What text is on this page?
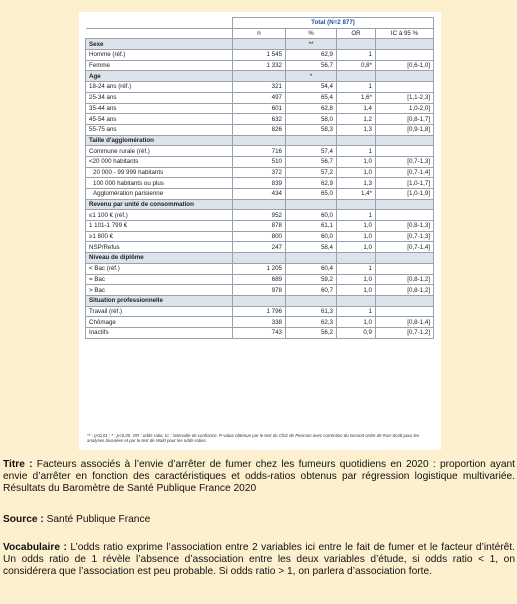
	Total (N=2 877)			
	n	%	OR	IC à 95 %
Sexe		**		
Homme (réf.)	1 545	62,9	1	
Femme	1 332	56,7	0,8*	[0,6-1,0]
Age		*		
18-24 ans (réf.)	321	54,4	1	
25-34 ans	497	65,4	1,6*	[1,1-2,3]
35-44 ans	601	62,8	1,4	1,0-2,0]
45-54 ans	632	58,0	1,2	[0,8-1,7]
55-75 ans	826	58,3	1,3	[0,9-1,8]
Taille d'agglomération				
Commune rurale (réf.)	716	57,4	1	
<20 000 habitants	510	56,7	1,0	[0,7-1,3]
20 000 - 99 999 habitants	372	57,2	1,0	[0,7-1,4]
100 000 habitants ou plus	839	62,9	1,3	[1,0-1,7]
Agglomération parisienne	434	65,0	1,4*	[1,0-1,9]
Revenu par unité de consommation				
≤1 100 € (réf.)	952	60,0	1	
1 101-1 799 €	878	61,1	1,0	[0,8-1,3]
≥1 800 €	800	60,0	1,0	[0,7-1,3]
NSP/Refus	247	58,4	1,0	[0,7-1,4]
Niveau de diplôme				
< Bac (réf.)	1 205	60,4	1	
= Bac	689	59,2	1,0	[0,8-1,2]
> Bac	978	60,7	1,0	[0,8-1,2]
Situation professionnelle				
Travail (réf.)	1 796	61,3	1	
Chômage	338	62,3	1,0	[0,8-1,4]
Inactifs	743	56,2	0,9	[0,7-1,2]
** : p<0,01 ; * : p<0,05. OR : odds-ratio, IC : intervalle de confiance. P-value obtenue par le test du Chi2 de Pearson avec correction du second ordre de Rao-Scott pour les analyses bivariées et par le test de Wald pour les odds-ratios.
Titre : Facteurs associés à l’envie d’arrêter de fumer chez les fumeurs quotidiens en 2020 : proportion ayant envie d’arrêter en fonction des caractéristiques et odds-ratios obtenus par régression logistique multivariée. Résultats du Baromètre de Santé Publique France 2020
Source : Santé Publique France
Vocabulaire : L’odds ratio exprime l’association entre 2 variables ici entre le fait de fumer et le facteur d’intérêt. Un odds ratio de 1 révèle l’absence d’association entre les deux variables d’étude, si odds ratio < 1, on considérera que l’association est peu probable. Si odds ratio > 1, on parlera d’association forte.
